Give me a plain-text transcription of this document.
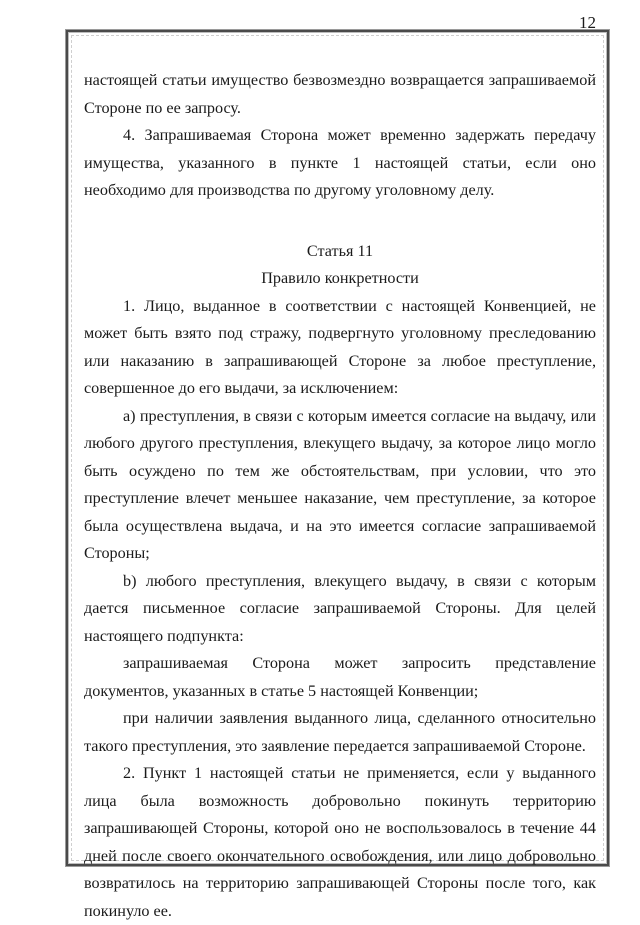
12

настоящей статьи имущество безвозмездно возвращается запрашиваемой Стороне по ее запросу.

4. Запрашиваемая Сторона может временно задержать передачу имущества, указанного в пункте 1 настоящей статьи, если оно необходимо для производства по другому уголовному делу.

Статья 11

Правило конкретности

1. Лицо, выданное в соответствии с настоящей Конвенцией, не может быть взято под стражу, подвергнуто уголовному преследованию или наказанию в запрашивающей Стороне за любое преступление, совершенное до его выдачи, за исключением:

a) преступления, в связи с которым имеется согласие на выдачу, или любого другого преступления, влекущего выдачу, за которое лицо могло быть осуждено по тем же обстоятельствам, при условии, что это преступление влечет меньшее наказание, чем преступление, за которое была осуществлена выдача, и на это имеется согласие запрашиваемой Стороны;

b) любого преступления, влекущего выдачу, в связи с которым дается письменное согласие запрашиваемой Стороны. Для целей настоящего подпункта:

запрашиваемая Сторона может запросить представление документов, указанных в статье 5 настоящей Конвенции;

при наличии заявления выданного лица, сделанного относительно такого преступления, это заявление передается запрашиваемой Стороне.

2. Пункт 1 настоящей статьи не применяется, если у выданного лица была возможность добровольно покинуть территорию запрашивающей Стороны, которой оно не воспользовалось в течение 44 дней после своего окончательного освобождения, или лицо добровольно возвратилось на территорию запрашивающей Стороны после того, как покинуло ее.
